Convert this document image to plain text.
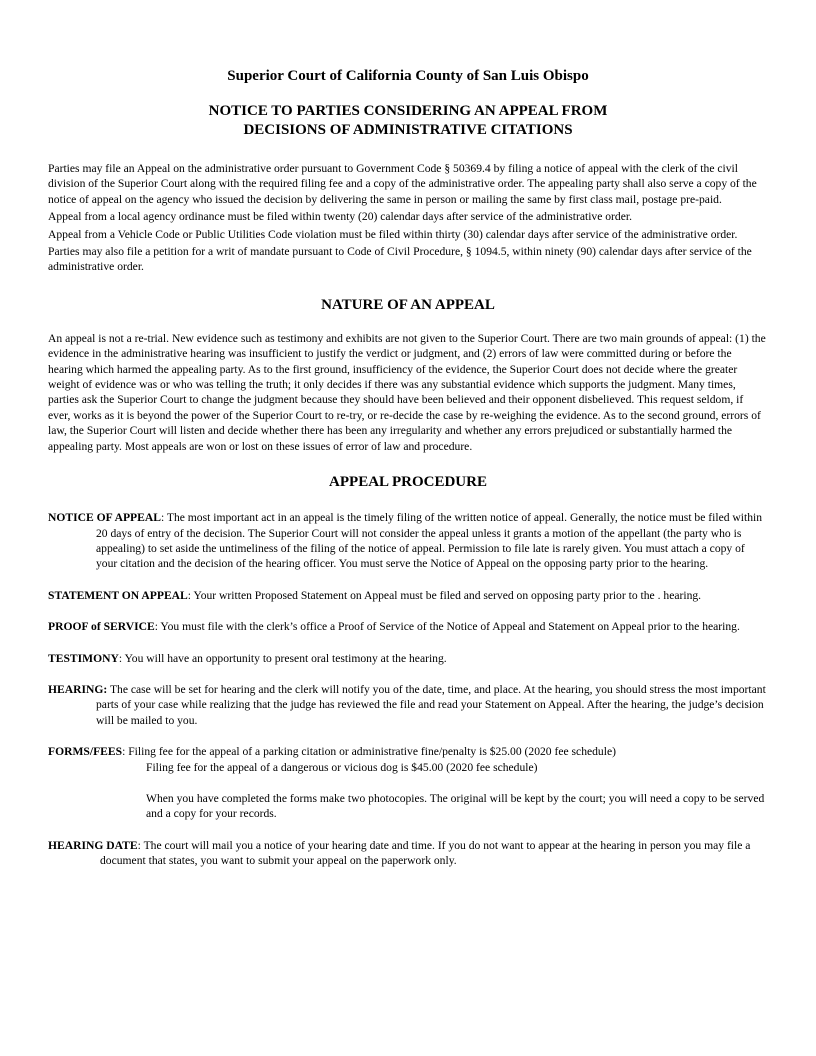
Superior Court of California County of San Luis Obispo
NOTICE TO PARTIES CONSIDERING AN APPEAL FROM
DECISIONS OF ADMINISTRATIVE CITATIONS

Parties may file an Appeal on the administrative order pursuant to Government Code § 50369.4 by filing a notice of appeal with the clerk of the civil division of the Superior Court along with the required filing fee and a copy of the administrative order. The appealing party shall also serve a copy of the notice of appeal on the agency who issued the decision by delivering the same in person or mailing the same by first class mail, postage pre-paid.

Appeal from a local agency ordinance must be filed within twenty (20) calendar days after service of the administrative order.

Appeal from a Vehicle Code or Public Utilities Code violation must be filed within thirty (30) calendar days after service of the administrative order.

Parties may also file a petition for a writ of mandate pursuant to Code of Civil Procedure, § 1094.5, within ninety (90) calendar days after service of the administrative order.

NATURE OF AN APPEAL

An appeal is not a re-trial. New evidence such as testimony and exhibits are not given to the Superior Court. There are two main grounds of appeal: (1) the evidence in the administrative hearing was insufficient to justify the verdict or judgment, and (2) errors of law were committed during or before the hearing which harmed the appealing party. As to the first ground, insufficiency of the evidence, the Superior Court does not decide where the greater weight of evidence was or who was telling the truth; it only decides if there was any substantial evidence which supports the judgment. Many times, parties ask the Superior Court to change the judgment because they should have been believed and their opponent disbelieved. This request seldom, if ever, works as it is beyond the power of the Superior Court to re-try, or re-decide the case by re-weighing the evidence. As to the second ground, errors of law, the Superior Court will listen and decide whether there has been any irregularity and whether any errors prejudiced or substantially harmed the appealing party. Most appeals are won or lost on these issues of error of law and procedure.

APPEAL PROCEDURE
NOTICE OF APPEAL: The most important act in an appeal is the timely filing of the written notice of appeal. Generally, the notice must be filed within 20 days of entry of the decision. The Superior Court will not consider the appeal unless it grants a motion of the appellant (the party who is appealing) to set aside the untimeliness of the filing of the notice of appeal. Permission to file late is rarely given. You must attach a copy of your citation and the decision of the hearing officer. You must serve the Notice of Appeal on the opposing party prior to the hearing.
STATEMENT ON APPEAL: Your written Proposed Statement on Appeal must be filed and served on opposing party prior to the . hearing.
PROOF of SERVICE: You must file with the clerk’s office a Proof of Service of the Notice of Appeal and Statement on Appeal prior to the hearing.
TESTIMONY: You will have an opportunity to present oral testimony at the hearing.
HEARING: The case will be set for hearing and the clerk will notify you of the date, time, and place. At the hearing, you should stress the most important parts of your case while realizing that the judge has reviewed the file and read your Statement on Appeal. After the hearing, the judge’s decision will be mailed to you.
FORMS/FEES: Filing fee for the appeal of a parking citation or administrative fine/penalty is $25.00 (2020 fee schedule)
Filing fee for the appeal of a dangerous or vicious dog is $45.00 (2020 fee schedule)
When you have completed the forms make two photocopies. The original will be kept by the court; you will need a copy to be served and a copy for your records.
HEARING DATE: The court will mail you a notice of your hearing date and time. If you do not want to appear at the hearing in person you may file a document that states, you want to submit your appeal on the paperwork only.
